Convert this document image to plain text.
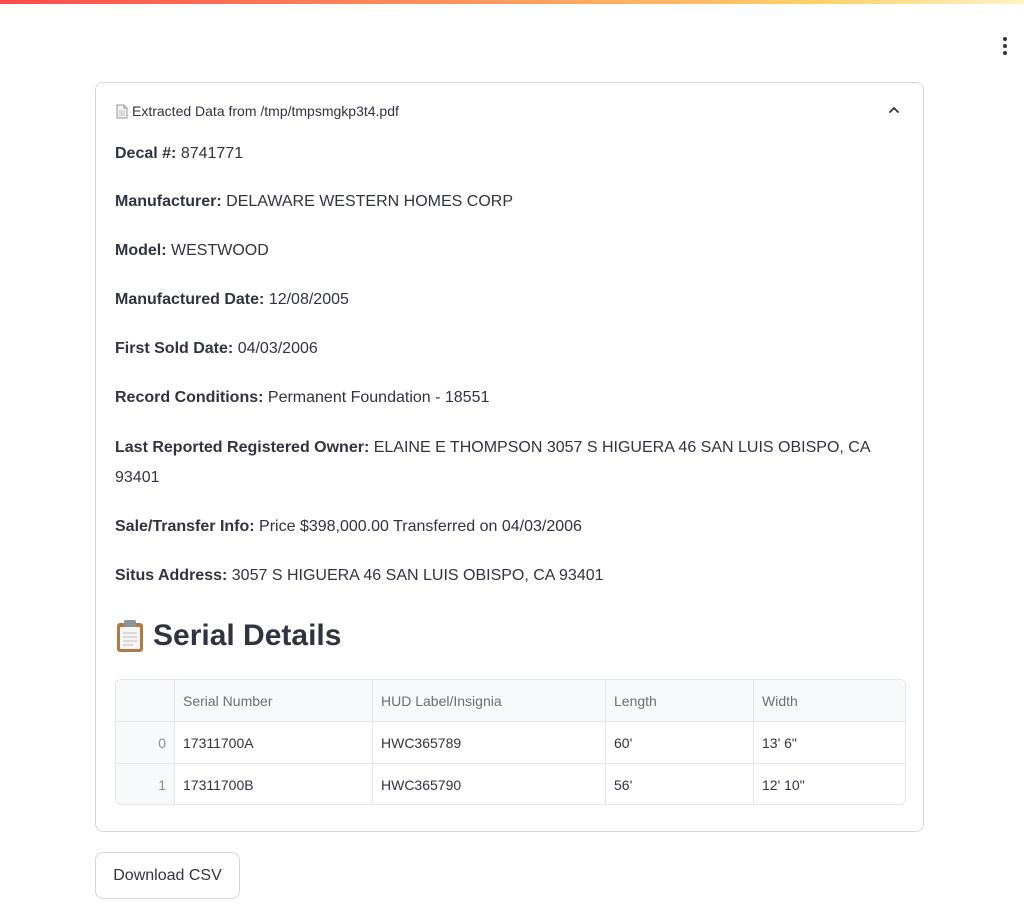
Extracted Data from /tmp/tmpsmgkp3t4.pdf
Decal #: 8741771
Manufacturer: DELAWARE WESTERN HOMES CORP
Model: WESTWOOD
Manufactured Date: 12/08/2005
First Sold Date: 04/03/2006
Record Conditions: Permanent Foundation - 18551
Last Reported Registered Owner: ELAINE E THOMPSON 3057 S HIGUERA 46 SAN LUIS OBISPO, CA 93401
Sale/Transfer Info: Price $398,000.00 Transferred on 04/03/2006
Situs Address: 3057 S HIGUERA 46 SAN LUIS OBISPO, CA 93401
Serial Details
	Serial Number	HUD Label/Insignia	Length	Width
0	17311700A	HWC365789	60'	13' 6"
1	17311700B	HWC365790	56'	12' 10"
Download CSV
